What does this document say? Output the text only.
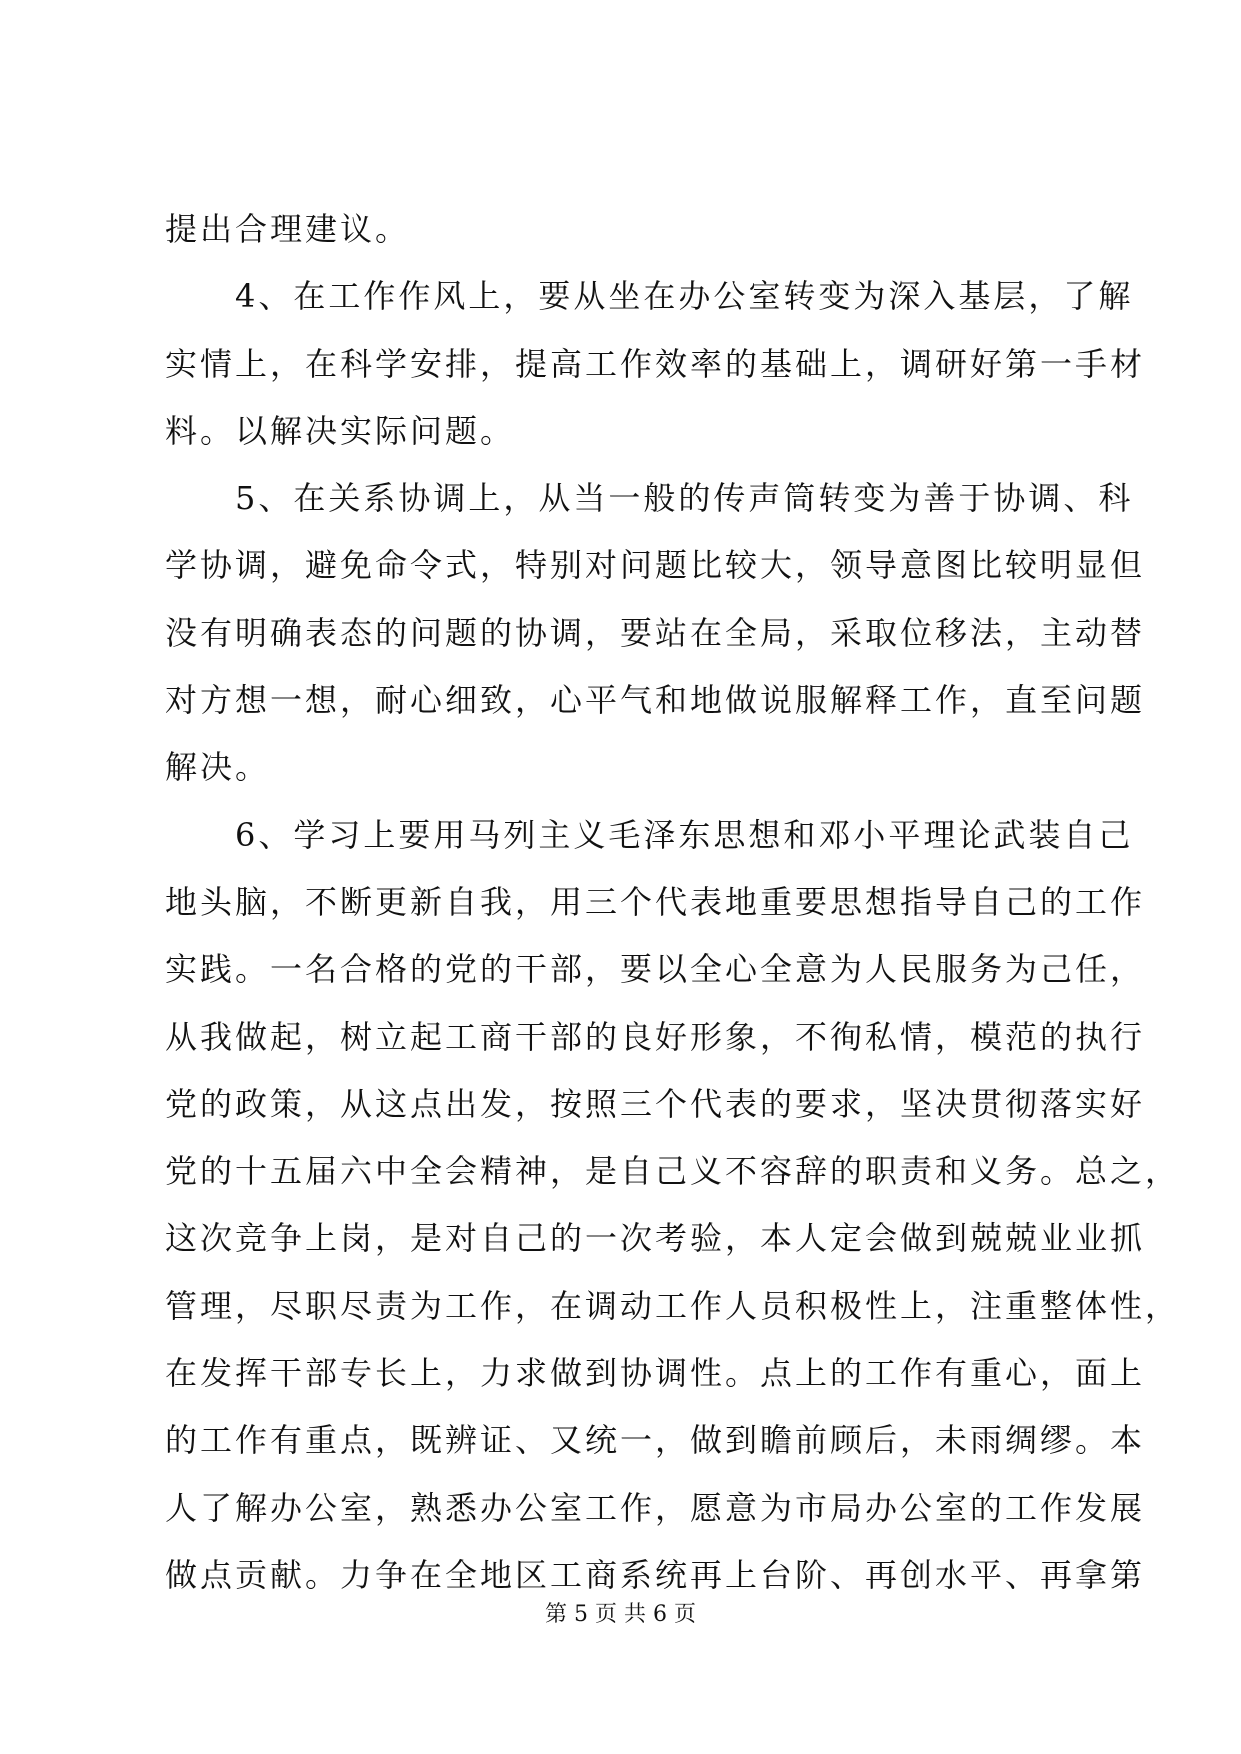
提出合理建议。
　　4、在工作作风上，要从坐在办公室转变为深入基层，了解
实情上，在科学安排，提高工作效率的基础上，调研好第一手材
料。以解决实际问题。
　　5、在关系协调上，从当一般的传声筒转变为善于协调、科
学协调，避免命令式，特别对问题比较大，领导意图比较明显但
没有明确表态的问题的协调，要站在全局，采取位移法，主动替
对方想一想，耐心细致，心平气和地做说服解释工作，直至问题
解决。
　　6、学习上要用马列主义毛泽东思想和邓小平理论武装自己
地头脑，不断更新自我，用三个代表地重要思想指导自己的工作
实践。一名合格的党的干部，要以全心全意为人民服务为己任，
从我做起，树立起工商干部的良好形象，不徇私情，模范的执行
党的政策，从这点出发，按照三个代表的要求，坚决贯彻落实好
党的十五届六中全会精神，是自己义不容辞的职责和义务。总之，
这次竞争上岗，是对自己的一次考验，本人定会做到兢兢业业抓
管理，尽职尽责为工作，在调动工作人员积极性上，注重整体性，
在发挥干部专长上，力求做到协调性。点上的工作有重心，面上
的工作有重点，既辨证、又统一，做到瞻前顾后，未雨绸缪。本
人了解办公室，熟悉办公室工作，愿意为市局办公室的工作发展
做点贡献。力争在全地区工商系统再上台阶、再创水平、再拿第
第 5 页 共 6 页
